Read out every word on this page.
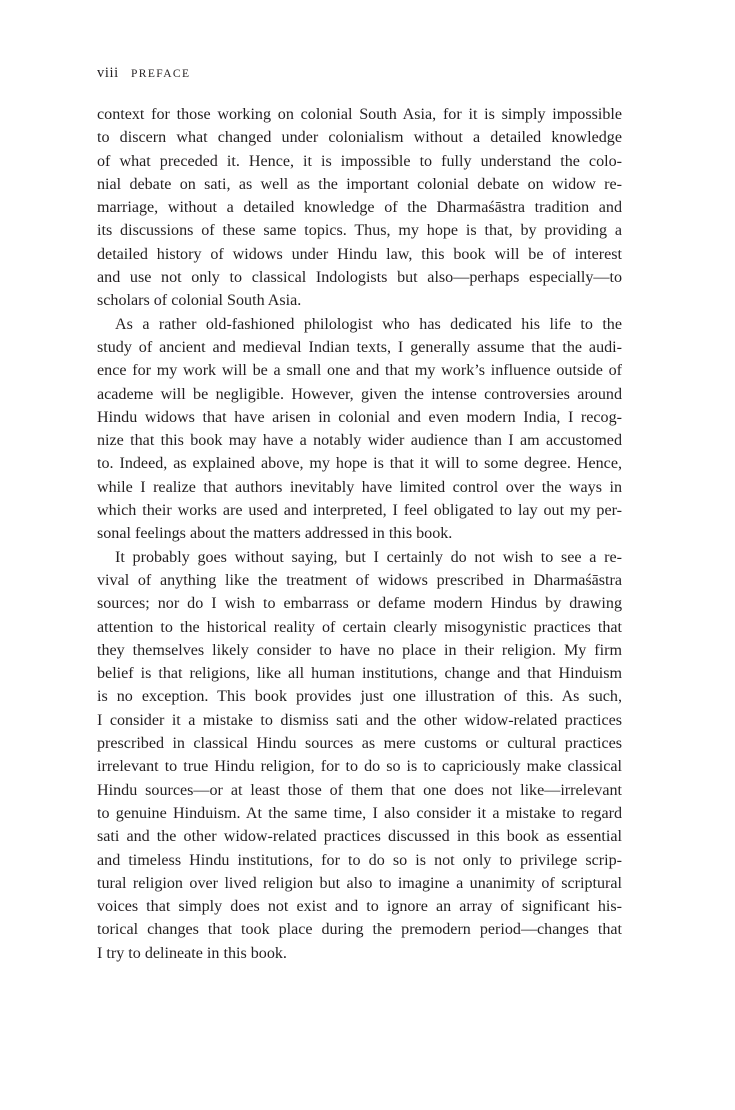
viii PREFACE

context for those working on colonial South Asia, for it is simply impossible
to discern what changed under colonialism without a detailed knowledge
of what preceded it. Hence, it is impossible to fully understand the colo-
nial debate on sati, as well as the important colonial debate on widow re-
marriage, without a detailed knowledge of the Dharmaśāstra tradition and
its discussions of these same topics. Thus, my hope is that, by providing a
detailed history of widows under Hindu law, this book will be of interest
and use not only to classical Indologists but also—perhaps especially—to
scholars of colonial South Asia.

As a rather old-fashioned philologist who has dedicated his life to the
study of ancient and medieval Indian texts, I generally assume that the audi-
ence for my work will be a small one and that my work’s influence outside of
academe will be negligible. However, given the intense controversies around
Hindu widows that have arisen in colonial and even modern India, I recog-
nize that this book may have a notably wider audience than I am accustomed
to. Indeed, as explained above, my hope is that it will to some degree. Hence,
while I realize that authors inevitably have limited control over the ways in
which their works are used and interpreted, I feel obligated to lay out my per-
sonal feelings about the matters addressed in this book.

It probably goes without saying, but I certainly do not wish to see a re-
vival of anything like the treatment of widows prescribed in Dharmaśāstra
sources; nor do I wish to embarrass or defame modern Hindus by drawing
attention to the historical reality of certain clearly misogynistic practices that
they themselves likely consider to have no place in their religion. My firm
belief is that religions, like all human institutions, change and that Hinduism
is no exception. This book provides just one illustration of this. As such,
I consider it a mistake to dismiss sati and the other widow-related practices
prescribed in classical Hindu sources as mere customs or cultural practices
irrelevant to true Hindu religion, for to do so is to capriciously make classical
Hindu sources—or at least those of them that one does not like—irrelevant
to genuine Hinduism. At the same time, I also consider it a mistake to regard
sati and the other widow-related practices discussed in this book as essential
and timeless Hindu institutions, for to do so is not only to privilege scrip-
tural religion over lived religion but also to imagine a unanimity of scriptural
voices that simply does not exist and to ignore an array of significant his-
torical changes that took place during the premodern period—changes that
I try to delineate in this book.
